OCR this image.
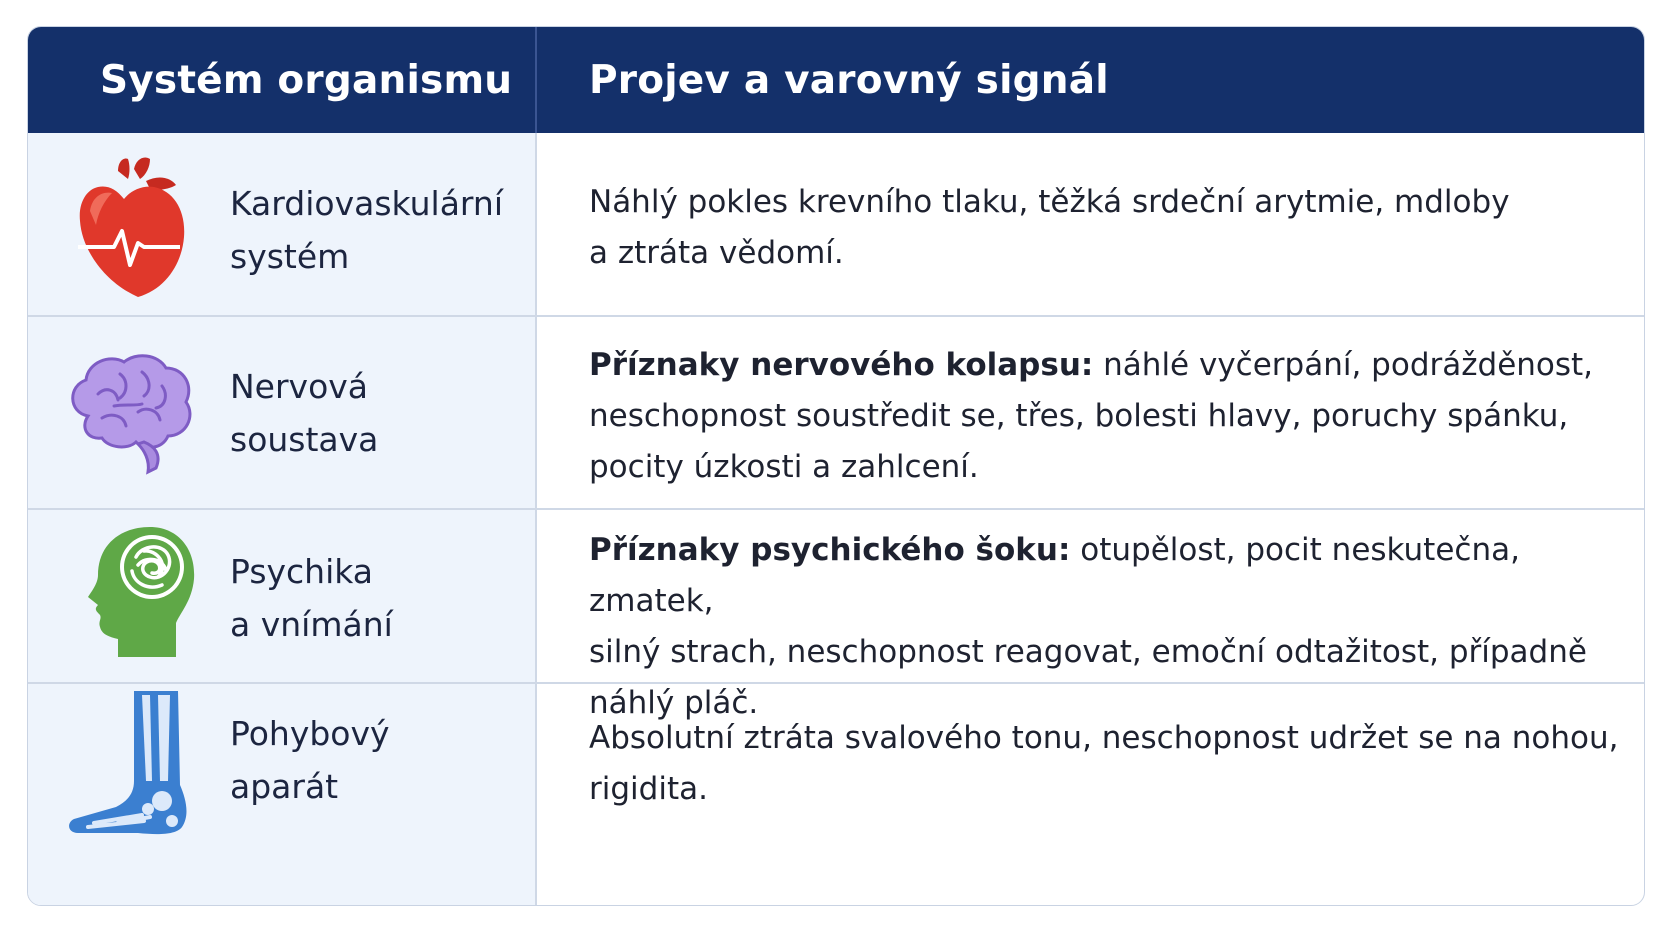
Systém organismu Projev a varovný signál
Kardiovaskulární
systém
Náhlý pokles krevního tlaku, těžká srdeční arytmie, mdloby
a ztráta vědomí.
Nervová
soustava
Příznaky nervového kolapsu: náhlé vyčerpání, podrážděnost,
neschopnost soustředit se, třes, bolesti hlavy, poruchy spánku,
pocity úzkosti a zahlcení.
Psychika
a vnímání
Příznaky psychického šoku: otupělost, pocit neskutečna, zmatek,
silný strach, neschopnost reagovat, emoční odtažitost, případně
náhlý pláč.
Pohybový
aparát
Absolutní ztráta svalového tonu, neschopnost udržet se na nohou,
rigidita.
